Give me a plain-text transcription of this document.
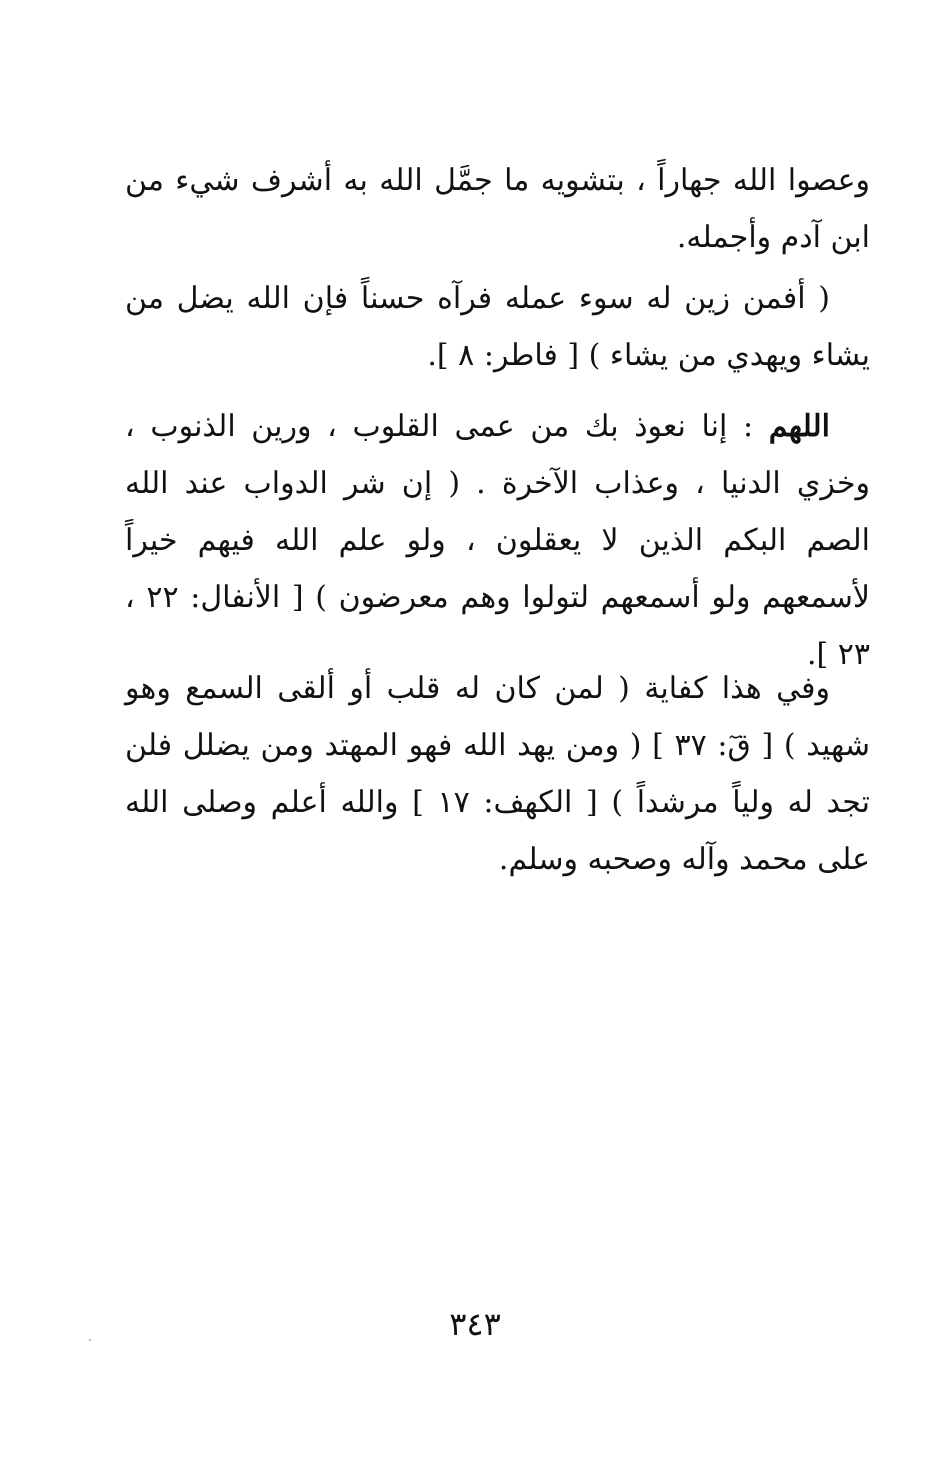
وعصوا الله جهاراً ، بتشويه ما جمَّل الله به أشرف شيء من ابن آدم وأجمله.

( أفمن زين له سوء عمله فرآه حسناً فإن الله يضل من يشاء ويهدي من يشاء ) [ فاطر: ٨ ].

اللهم : إنا نعوذ بك من عمى القلوب ، ورين الذنوب ، وخزي الدنيا ، وعذاب الآخرة . ( إن شر الدواب عند الله الصم البكم الذين لا يعقلون ، ولو علم الله فيهم خيراً لأسمعهم ولو أسمعهم لتولوا وهم معرضون ) [ الأنفال: ٢٢ ، ٢٣ ].

وفي هذا كفاية ( لمن كان له قلب أو ألقى السمع وهو شهيد ) [ قٓ: ٣٧ ] ( ومن يهد الله فهو المهتد ومن يضلل فلن تجد له ولياً مرشداً ) [ الكهف: ١٧ ] والله أعلم وصلى الله على محمد وآله وصحبه وسلم.

٣٤٣
